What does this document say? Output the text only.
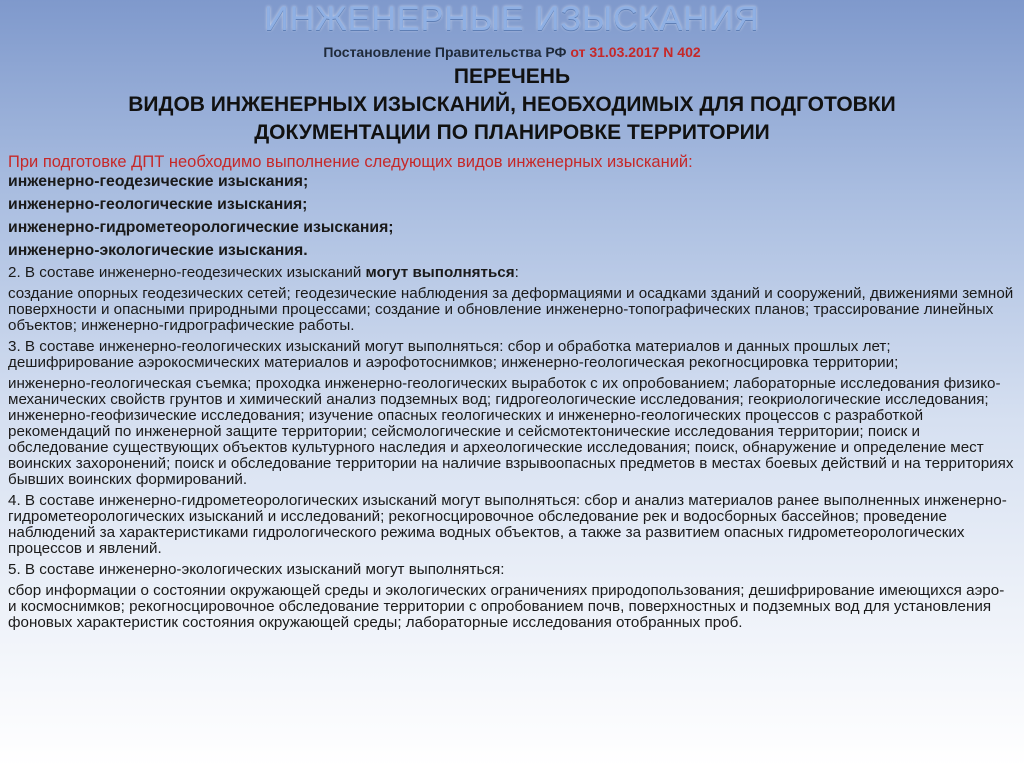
ИНЖЕНЕРНЫЕ ИЗЫСКАНИЯ
Постановление Правительства РФ от 31.03.2017 N 402
ПЕРЕЧЕНЬ
ВИДОВ ИНЖЕНЕРНЫХ ИЗЫСКАНИЙ, НЕОБХОДИМЫХ ДЛЯ ПОДГОТОВКИ
ДОКУМЕНТАЦИИ ПО ПЛАНИРОВКЕ ТЕРРИТОРИИ
При подготовке ДПТ необходимо выполнение следующих видов инженерных изысканий:
инженерно-геодезические изыскания;
инженерно-геологические изыскания;
инженерно-гидрометеорологические изыскания;
инженерно-экологические изыскания.
2. В составе инженерно-геодезических изысканий могут выполняться:
создание опорных геодезических сетей; геодезические наблюдения за деформациями и осадками зданий и сооружений, движениями земной поверхности и опасными природными процессами; создание и обновление инженерно-топографических планов; трассирование линейных объектов; инженерно-гидрографические работы.
3. В составе инженерно-геологических изысканий могут выполняться: сбор и обработка материалов и данных прошлых лет; дешифрирование аэрокосмических материалов и аэрофотоснимков; инженерно-геологическая рекогносцировка территории;
инженерно-геологическая съемка; проходка инженерно-геологических выработок с их опробованием; лабораторные исследования физико-механических свойств грунтов и химический анализ подземных вод; гидрогеологические исследования; геокриологические исследования; инженерно-геофизические исследования; изучение опасных геологических и инженерно-геологических процессов с разработкой рекомендаций по инженерной защите территории; сейсмологические и сейсмотектонические исследования территории; поиск и обследование существующих объектов культурного наследия и археологические исследования; поиск, обнаружение и определение мест воинских захоронений; поиск и обследование территории на наличие взрывоопасных предметов в местах боевых действий и на территориях бывших воинских формирований.
4. В составе инженерно-гидрометеорологических изысканий могут выполняться: сбор и анализ материалов ранее выполненных инженерно-гидрометеорологических изысканий и исследований; рекогносцировочное обследование рек и водосборных бассейнов; проведение наблюдений за характеристиками гидрологического режима водных объектов, а также за развитием опасных гидрометеорологических процессов и явлений.
5. В составе инженерно-экологических изысканий могут выполняться:
сбор информации о состоянии окружающей среды и экологических ограничениях природопользования; дешифрирование имеющихся аэро- и космоснимков; рекогносцировочное обследование территории с опробованием почв, поверхностных и подземных вод для установления фоновых характеристик состояния окружающей среды; лабораторные исследования отобранных проб.
